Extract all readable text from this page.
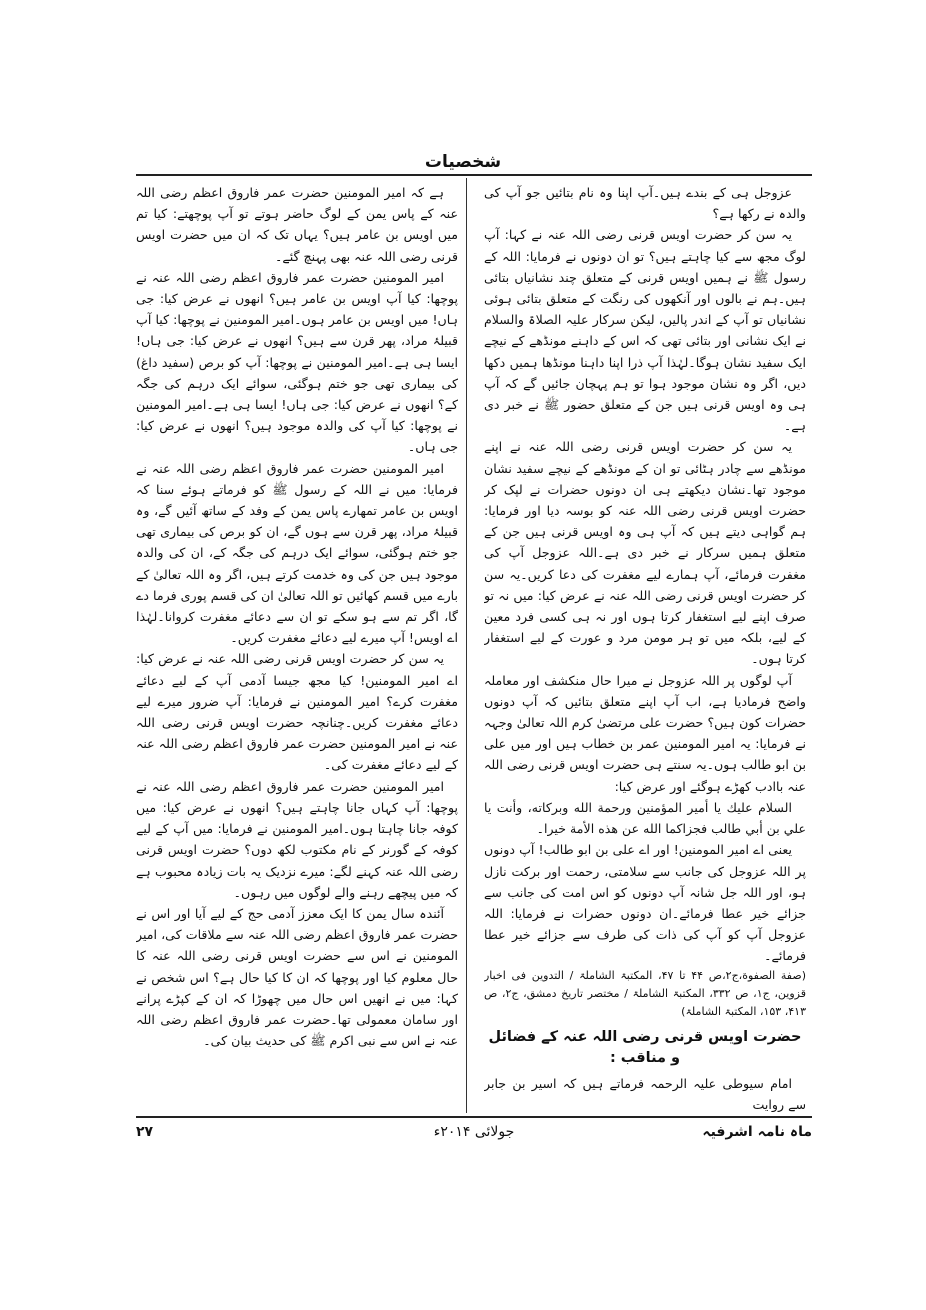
شخصیات

عزوجل ہی کے بندے ہیں۔آپ اپنا وہ نام بتائیں جو آپ کی والدہ نے رکھا ہے؟

یہ سن کر حضرت اویس قرنی رضی اللہ عنہ نے کہا: آپ لوگ مجھ سے کیا چاہتے ہیں؟ تو ان دونوں نے فرمایا: اللہ کے رسول ﷺ نے ہمیں اویس قرنی کے متعلق چند نشانیاں بتائی ہیں۔ہم نے بالوں اور آنکھوں کی رنگت کے متعلق بتائی ہوئی نشانیاں تو آپ کے اندر پالیں، لیکن سرکار علیہ الصلاۃ والسلام نے ایک نشانی اور بتائی تھی کہ اس کے داہنے مونڈھے کے نیچے ایک سفید نشان ہوگا۔لہٰذا آپ ذرا اپنا داہنا مونڈھا ہمیں دکھا دیں، اگر وہ نشان موجود ہوا تو ہم پہچان جائیں گے کہ آپ ہی وہ اویس قرنی ہیں جن کے متعلق حضور ﷺ نے خبر دی ہے۔

یہ سن کر حضرت اویس قرنی رضی اللہ عنہ نے اپنے مونڈھے سے چادر ہٹائی تو ان کے مونڈھے کے نیچے سفید نشان موجود تھا۔نشان دیکھتے ہی ان دونوں حضرات نے لپک کر حضرت اویس قرنی رضی اللہ عنہ کو بوسہ دیا اور فرمایا: ہم گواہی دیتے ہیں کہ آپ ہی وہ اویس قرنی ہیں جن کے متعلق ہمیں سرکار نے خبر دی ہے۔اللہ عزوجل آپ کی مغفرت فرمائے، آپ ہمارے لیے مغفرت کی دعا کریں۔یہ سن کر حضرت اویس قرنی رضی اللہ عنہ نے عرض کیا: میں نہ تو صرف اپنے لیے استغفار کرتا ہوں اور نہ ہی کسی فرد معین کے لیے، بلکہ میں تو ہر مومن مرد و عورت کے لیے استغفار کرتا ہوں۔

آپ لوگوں پر اللہ عزوجل نے میرا حال منکشف اور معاملہ واضح فرمادیا ہے، اب آپ اپنے متعلق بتائیں کہ آپ دونوں حضرات کون ہیں؟ حضرت علی مرتضیٰ کرم اللہ تعالیٰ وجہہ نے فرمایا: یہ امیر المومنین عمر بن خطاب ہیں اور میں علی بن ابو طالب ہوں۔یہ سنتے ہی حضرت اویس قرنی رضی اللہ عنہ باادب کھڑے ہوگئے اور عرض کیا:

السلام عليك يا أمير المؤمنين ورحمة الله وبركاته، وأنت يا علي بن أبي طالب فجزاكما الله عن هذه الأمة خيرا۔

یعنی اے امیر المومنین! اور اے علی بن ابو طالب! آپ دونوں پر اللہ عزوجل کی جانب سے سلامتی، رحمت اور برکت نازل ہو، اور اللہ جل شانہ آپ دونوں کو اس امت کی جانب سے جزائے خیر عطا فرمائے۔ان دونوں حضرات نے فرمایا: اللہ عزوجل آپ کو آپ کی ذات کی طرف سے جزائے خیر عطا فرمائے۔

(صفة الصفوة،ج۲،ص ۴۴ تا ۴۷، المکتبۃ الشاملۃ / التدوین فی اخبار قزوین، ج۱، ص ۳۳۲، المکتبۃ الشاملۃ / مختصر تاریخ دمشق، ج۲، ص ۴۱۳، ۱۵۳، المکتبۃ الشاملۃ)

حضرت اویس قرنی رضی اللہ عنہ کے فضائل و مناقب :

امام سیوطی علیہ الرحمہ فرماتے ہیں کہ اسیر بن جابر سے روایت

ہے کہ امیر المومنین حضرت عمر فاروق اعظم رضی اللہ عنہ کے پاس یمن کے لوگ حاضر ہوتے تو آپ پوچھتے: کیا تم میں اویس بن عامر ہیں؟ یہاں تک کہ ان میں حضرت اویس قرنی رضی اللہ عنہ بھی پہنچ گئے۔

امیر المومنین حضرت عمر فاروق اعظم رضی اللہ عنہ نے پوچھا: کیا آپ اویس بن عامر ہیں؟ انھوں نے عرض کیا: جی ہاں! میں اویس بن عامر ہوں۔امیر المومنین نے پوچھا: کیا آپ قبیلۂ مراد، پھر قرن سے ہیں؟ انھوں نے عرض کیا: جی ہاں! ایسا ہی ہے۔امیر المومنین نے پوچھا: آپ کو برص (سفید داغ) کی بیماری تھی جو ختم ہوگئی، سوائے ایک درہم کی جگہ کے؟ انھوں نے عرض کیا: جی ہاں! ایسا ہی ہے۔امیر المومنین نے پوچھا: کیا آپ کی والدہ موجود ہیں؟ انھوں نے عرض کیا: جی ہاں۔

امیر المومنین حضرت عمر فاروق اعظم رضی اللہ عنہ نے فرمایا: میں نے اللہ کے رسول ﷺ کو فرماتے ہوئے سنا کہ اویس بن عامر تمھارے پاس یمن کے وفد کے ساتھ آئیں گے، وہ قبیلۂ مراد، پھر قرن سے ہوں گے، ان کو برص کی بیماری تھی جو ختم ہوگئی، سوائے ایک درہم کی جگہ کے، ان کی والدہ موجود ہیں جن کی وہ خدمت کرتے ہیں، اگر وہ اللہ تعالیٰ کے بارے میں قسم کھائیں تو اللہ تعالیٰ ان کی قسم پوری فرما دے گا، اگر تم سے ہو سکے تو ان سے دعائے مغفرت کروانا۔لہٰذا اے اویس! آپ میرے لیے دعائے مغفرت کریں۔

یہ سن کر حضرت اویس قرنی رضی اللہ عنہ نے عرض کیا: اے امیر المومنین! کیا مجھ جیسا آدمی آپ کے لیے دعائے مغفرت کرے؟ امیر المومنین نے فرمایا: آپ ضرور میرے لیے دعائے مغفرت کریں۔چنانچہ حضرت اویس قرنی رضی اللہ عنہ نے امیر المومنین حضرت عمر فاروق اعظم رضی اللہ عنہ کے لیے دعائے مغفرت کی۔

امیر المومنین حضرت عمر فاروق اعظم رضی اللہ عنہ نے پوچھا: آپ کہاں جانا چاہتے ہیں؟ انھوں نے عرض کیا: میں کوفہ جانا چاہتا ہوں۔امیر المومنین نے فرمایا: میں آپ کے لیے کوفہ کے گورنر کے نام مکتوب لکھ دوں؟ حضرت اویس قرنی رضی اللہ عنہ کہنے لگے: میرے نزدیک یہ بات زیادہ محبوب ہے کہ میں پیچھے رہنے والے لوگوں میں رہوں۔

آئندہ سال یمن کا ایک معزز آدمی حج کے لیے آیا اور اس نے حضرت عمر فاروق اعظم رضی اللہ عنہ سے ملاقات کی، امیر المومنین نے اس سے حضرت اویس قرنی رضی اللہ عنہ کا حال معلوم کیا اور پوچھا کہ ان کا کیا حال ہے؟ اس شخص نے کہا: میں نے انھیں اس حال میں چھوڑا کہ ان کے کپڑے پرانے اور سامان معمولی تھا۔حضرت عمر فاروق اعظم رضی اللہ عنہ نے اس سے نبی اکرم ﷺ کی حدیث بیان کی۔

ماہ نامہ اشرفیہ
جولائی ۲۰۱۴ء
۲۷
